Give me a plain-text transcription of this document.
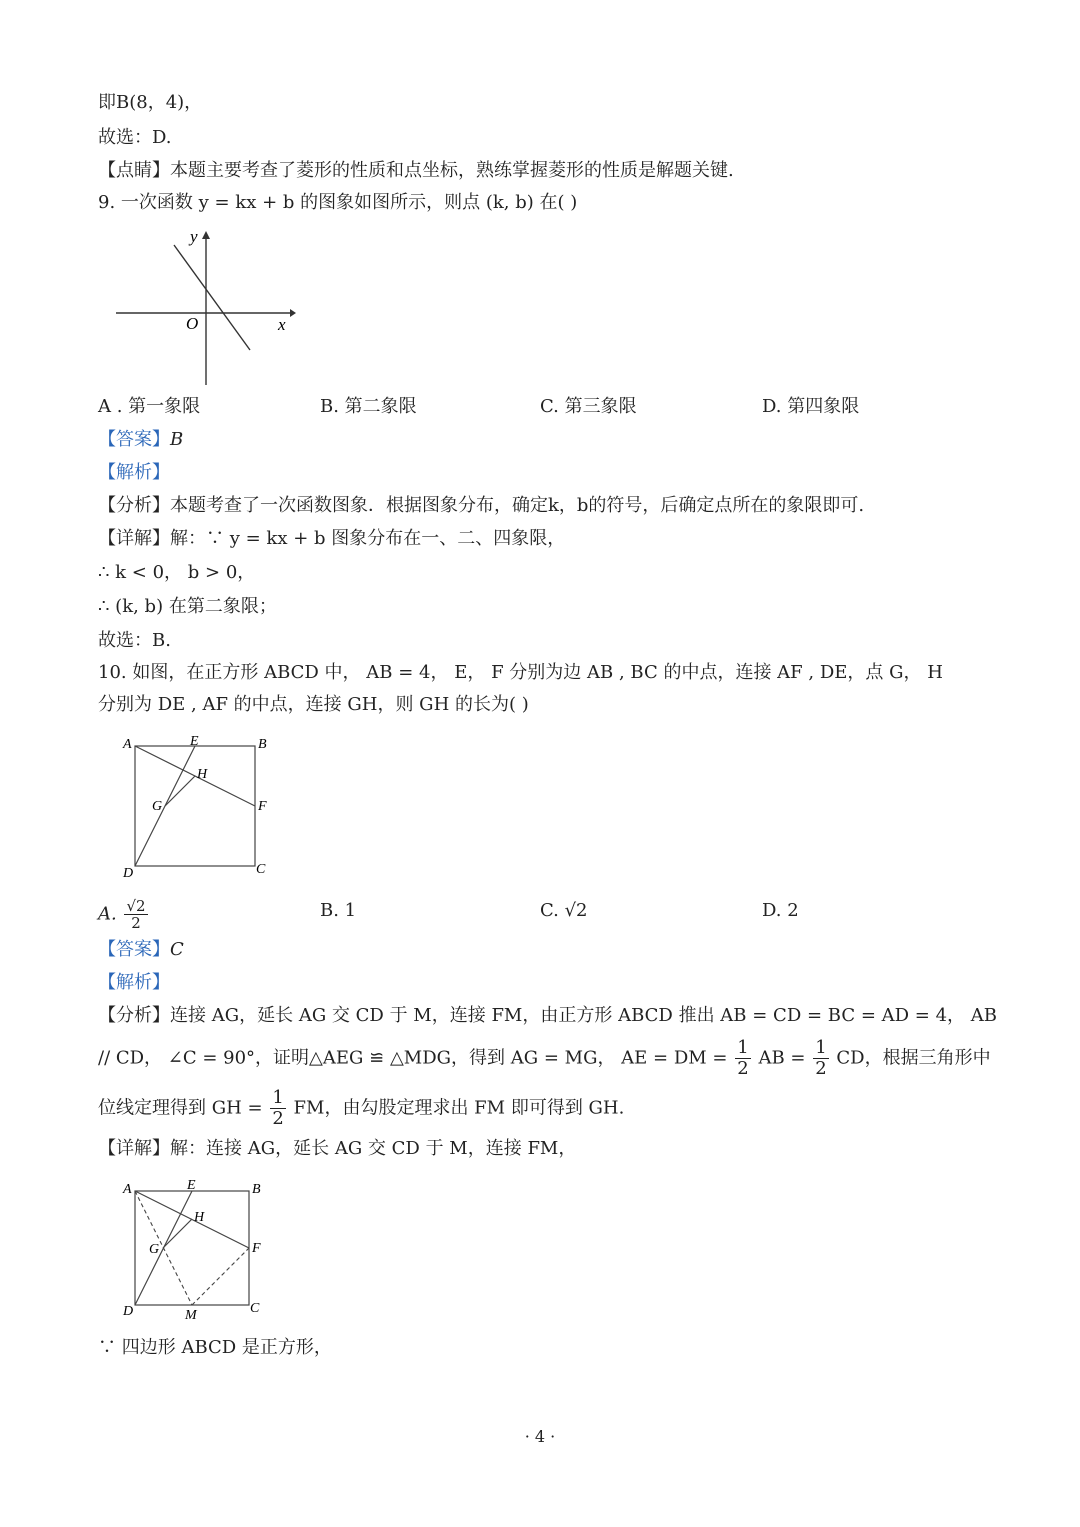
即B(8，4)，
故选：D.
【点睛】本题主要考查了菱形的性质和点坐标，熟练掌握菱形的性质是解题关键.
9. 一次函数 y = kx + b 的图象如图所示，则点 (k, b) 在( )
y
x
O
A . 第一象限	B. 第二象限	C. 第三象限	D. 第四象限
【答案】B
【解析】
【分析】本题考查了一次函数图象．根据图象分布，确定k，b的符号，后确定点所在的象限即可.
【详解】解：∵ y = kx + b 图象分布在一、二、四象限，
∴ k < 0， b > 0，
∴ (k, b) 在第二象限；
故选：B.
10. 如图，在正方形 ABCD 中， AB = 4， E， F 分别为边 AB , BC 的中点，连接 AF , DE，点 G， H
分别为 DE , AF 的中点，连接 GH，则 GH 的长为( )
A	B
C
D
E
F
G
H
A. $\frac{√2}{2}$	B. 1	C. √2	D. 2
【答案】C
【解析】
【分析】连接 AG，延长 AG 交 CD 于 M，连接 FM，由正方形 ABCD 推出 AB = CD = BC = AD = 4， AB
// CD， ∠C = 90°，证明△AEG ≌ △MDG，得到 AG = MG， AE = DM = $\frac{1}{2}$ AB = $\frac{1}{2}$ CD，根据三角形中
位线定理得到 GH = $\frac{1}{2}$ FM，由勾股定理求出 FM 即可得到 GH.
【详解】解：连接 AG，延长 AG 交 CD 于 M，连接 FM，
A	B
C
D
E
F
G
H
M
∵ 四边形 ABCD 是正方形，
· 4 ·
